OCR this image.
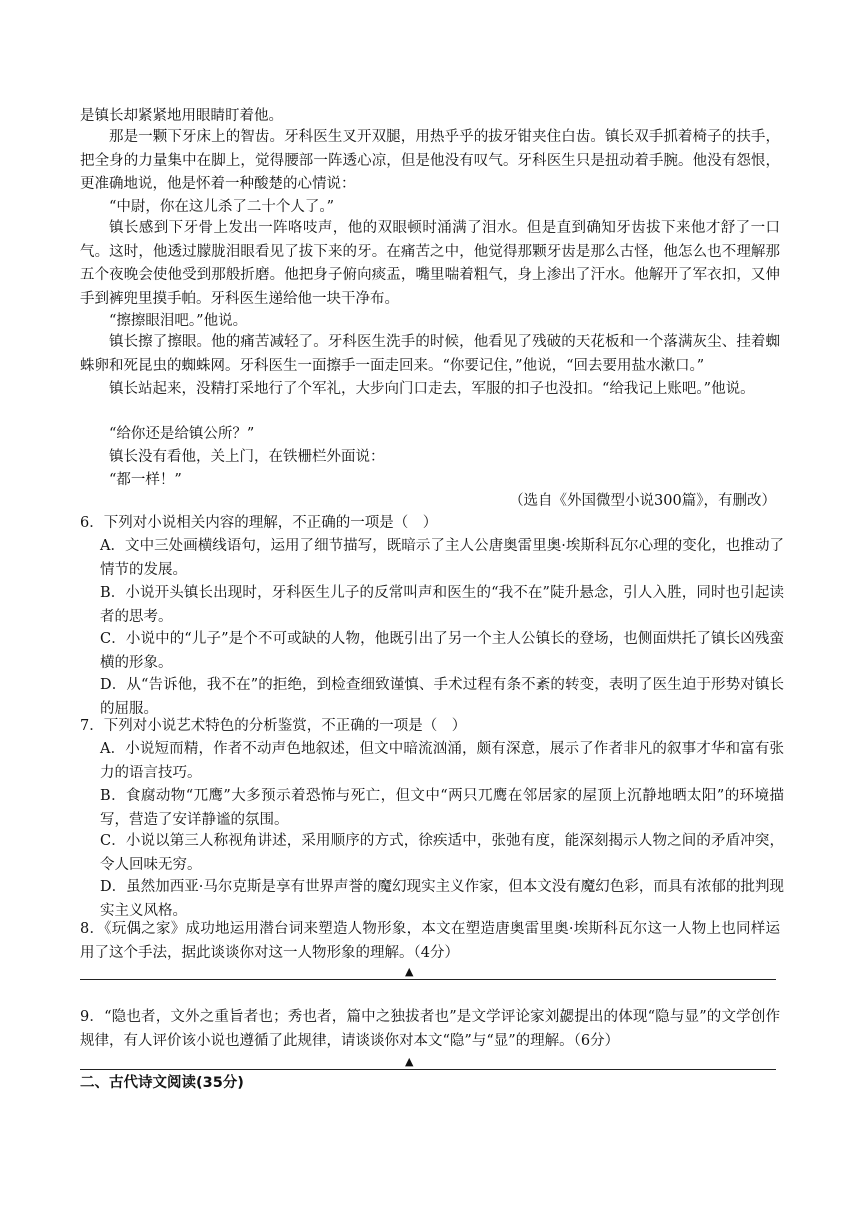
是镇长却紧紧地用眼睛盯着他。
那是一颗下牙床上的智齿。牙科医生叉开双腿，用热乎乎的拔牙钳夹住白齿。镇长双手抓着椅子的扶手，把全身的力量集中在脚上，觉得腰部一阵透心凉，但是他没有叹气。牙科医生只是扭动着手腕。他没有怨恨，更准确地说，他是怀着一种酸楚的心情说：
“中尉，你在这儿杀了二十个人了。”
镇长感到下牙骨上发出一阵咯吱声，他的双眼顿时涌满了泪水。但是直到确知牙齿拔下来他才舒了一口气。这时，他透过朦胧泪眼看见了拔下来的牙。在痛苦之中，他觉得那颗牙齿是那么古怪，他怎么也不理解那五个夜晚会使他受到那般折磨。他把身子俯向痰盂，嘴里喘着粗气，身上渗出了汗水。他解开了军衣扣，又伸手到裤兜里摸手帕。牙科医生递给他一块干净布。
“擦擦眼泪吧。”他说。
镇长擦了擦眼。他的痛苦减轻了。牙科医生洗手的时候，他看见了残破的天花板和一个落满灰尘、挂着蜘蛛卵和死昆虫的蜘蛛网。牙科医生一面擦手一面走回来。“你要记住，”他说，“回去要用盐水漱口。”
镇长站起来，没精打采地行了个军礼，大步向门口走去，军服的扣子也没扣。“给我记上账吧。”他说。
“给你还是给镇公所？”
镇长没有看他，关上门，在铁栅栏外面说：
“都一样！”
（选自《外国微型小说300篇》，有删改）
6．下列对小说相关内容的理解，不正确的一项是（　）
A．文中三处画横线语句，运用了细节描写，既暗示了主人公唐奥雷里奥·埃斯科瓦尔心理的变化，也推动了情节的发展。
B．小说开头镇长出现时，牙科医生儿子的反常叫声和医生的“我不在”陡升悬念，引人入胜，同时也引起读者的思考。
C．小说中的“儿子”是个不可或缺的人物，他既引出了另一个主人公镇长的登场，也侧面烘托了镇长凶残蛮横的形象。
D．从“告诉他，我不在”的拒绝，到检查细致谨慎、手术过程有条不紊的转变，表明了医生迫于形势对镇长的屈服。
7．下列对小说艺术特色的分析鉴赏，不正确的一项是（　）
A．小说短而精，作者不动声色地叙述，但文中暗流汹涌，颇有深意，展示了作者非凡的叙事才华和富有张力的语言技巧。
B．食腐动物“兀鹰”大多预示着恐怖与死亡，但文中“两只兀鹰在邻居家的屋顶上沉静地晒太阳”的环境描写，营造了安详静谧的氛围。
C．小说以第三人称视角讲述，采用顺序的方式，徐疾适中，张弛有度，能深刻揭示人物之间的矛盾冲突，令人回味无穷。
D．虽然加西亚·马尔克斯是享有世界声誉的魔幻现实主义作家，但本文没有魔幻色彩，而具有浓郁的批判现实主义风格。
8．《玩偶之家》成功地运用潜台词来塑造人物形象，本文在塑造唐奥雷里奥·埃斯科瓦尔这一人物上也同样运用了这个手法，据此谈谈你对这一人物形象的理解。（4分）
▲
9．“隐也者，文外之重旨者也；秀也者，篇中之独拔者也”是文学评论家刘勰提出的体现“隐与显”的文学创作规律，有人评价该小说也遵循了此规律，请谈谈你对本文“隐”与“显”的理解。（6分）
▲
二、古代诗文阅读(35分)
